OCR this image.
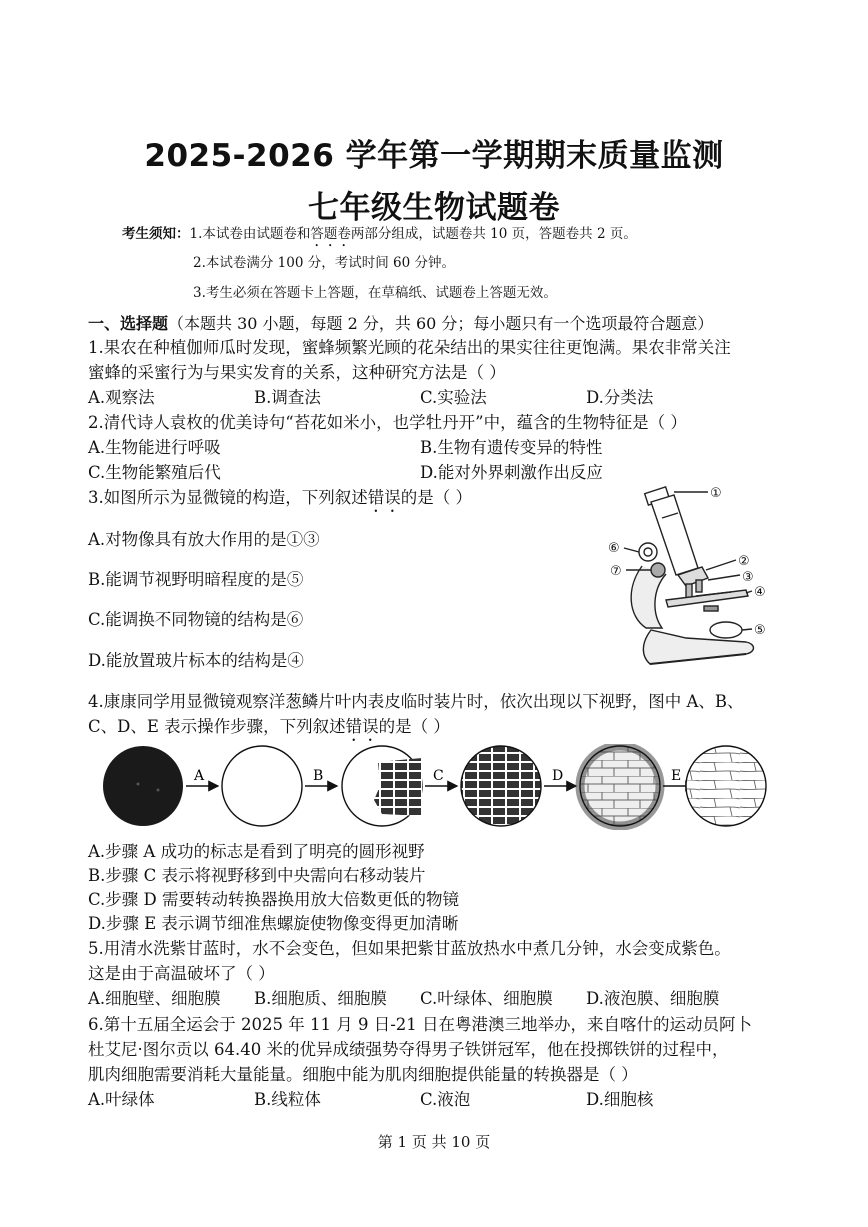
2025-2026 学年第一学期期末质量监测
七年级生物试题卷
考生须知：1.本试卷由试题卷和答题卷两部分组成，试题卷共 10 页，答题卷共 2 页。
2.本试卷满分 100 分，考试时间 60 分钟。
3.考生必须在答题卡上答题，在草稿纸、试题卷上答题无效。
一、选择题（本题共 30 小题，每题 2 分，共 60 分；每小题只有一个选项最符合题意）
1.果农在种植伽师瓜时发现，蜜蜂频繁光顾的花朵结出的果实往往更饱满。果农非常关注
蜜蜂的采蜜行为与果实发育的关系，这种研究方法是（ ）
A.观察法	B.调查法	C.实验法	D.分类法
2.清代诗人袁枚的优美诗句“苔花如米小，也学牡丹开”中，蕴含的生物特征是（ ）
A.生物能进行呼吸	B.生物有遗传变异的特性
C.生物能繁殖后代	D.能对外界刺激作出反应
3.如图所示为显微镜的构造，下列叙述错误的是（ ）
A.对物像具有放大作用的是①③
B.能调节视野明暗程度的是⑤
C.能调换不同物镜的结构是⑥
D.能放置玻片标本的结构是④
①
②
③
④
⑤
⑥
⑦
4.康康同学用显微镜观察洋葱鳞片叶内表皮临时装片时，依次出现以下视野，图中 A、B、
C、D、E 表示操作步骤，下列叙述错误的是（ ）
A	B	C	D	E
A.步骤 A 成功的标志是看到了明亮的圆形视野
B.步骤 C 表示将视野移到中央需向右移动装片
C.步骤 D 需要转动转换器换用放大倍数更低的物镜
D.步骤 E 表示调节细准焦螺旋使物像变得更加清晰
5.用清水洗紫甘蓝时，水不会变色，但如果把紫甘蓝放热水中煮几分钟，水会变成紫色。
这是由于高温破坏了（ ）
A.细胞壁、细胞膜 B.细胞质、细胞膜 C.叶绿体、细胞膜 D.液泡膜、细胞膜
6.第十五届全运会于 2025 年 11 月 9 日-21 日在粤港澳三地举办，来自喀什的运动员阿卜
杜艾尼·图尔贡以 64.40 米的优异成绩强势夺得男子铁饼冠军，他在投掷铁饼的过程中，
肌肉细胞需要消耗大量能量。细胞中能为肌肉细胞提供能量的转换器是（ ）
A.叶绿体	B.线粒体	C.液泡	D.细胞核
第 1 页 共 10 页
